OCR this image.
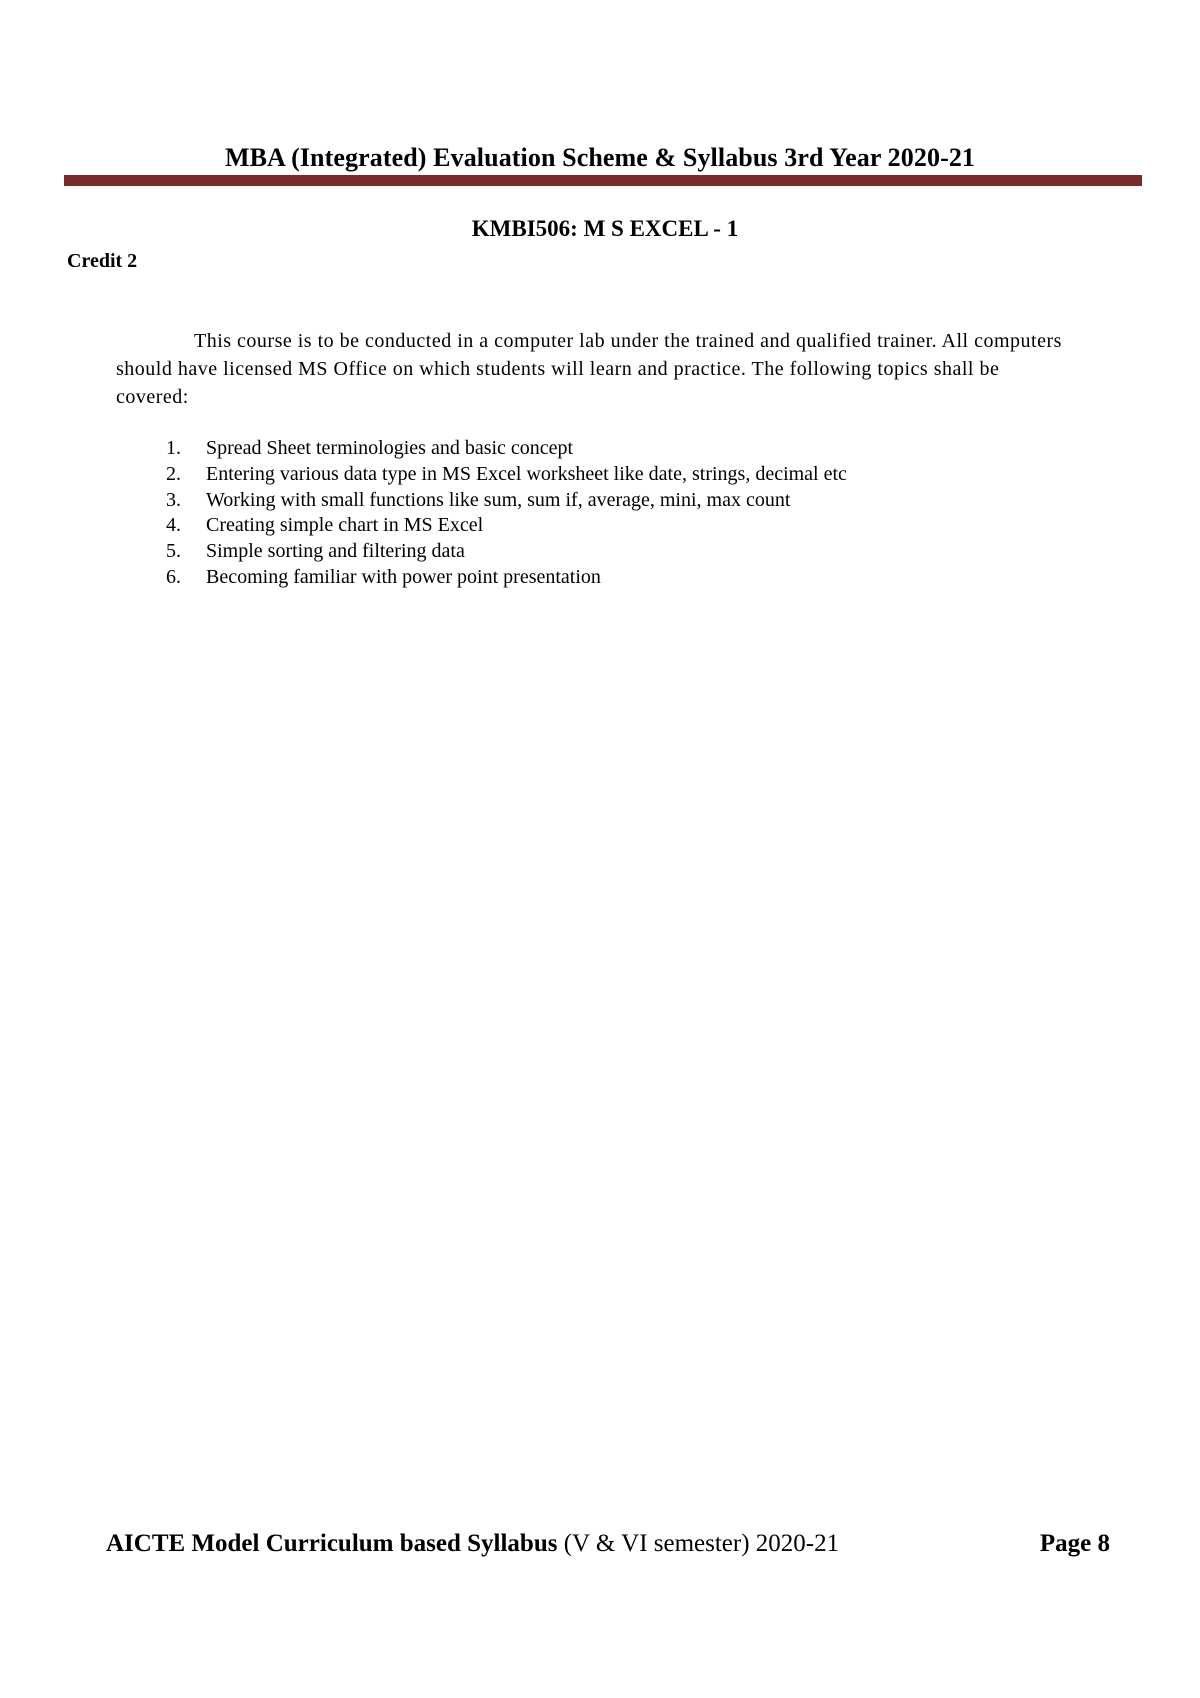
MBA (Integrated) Evaluation Scheme & Syllabus 3rd Year 2020-21
KMBI506: M S EXCEL - 1
Credit 2

This course is to be conducted in a computer lab under the trained and qualified trainer. All computers should have licensed MS Office on which students will learn and practice. The following topics shall be covered:

1.	Spread Sheet terminologies and basic concept
2.	Entering various data type in MS Excel worksheet like date, strings, decimal etc
3.	Working with small functions like sum, sum if, average, mini, max count
4.	Creating simple chart in MS Excel
5.	Simple sorting and filtering data
6.	Becoming familiar with power point presentation
AICTE Model Curriculum based Syllabus (V & VI semester) 2020-21	Page 8
